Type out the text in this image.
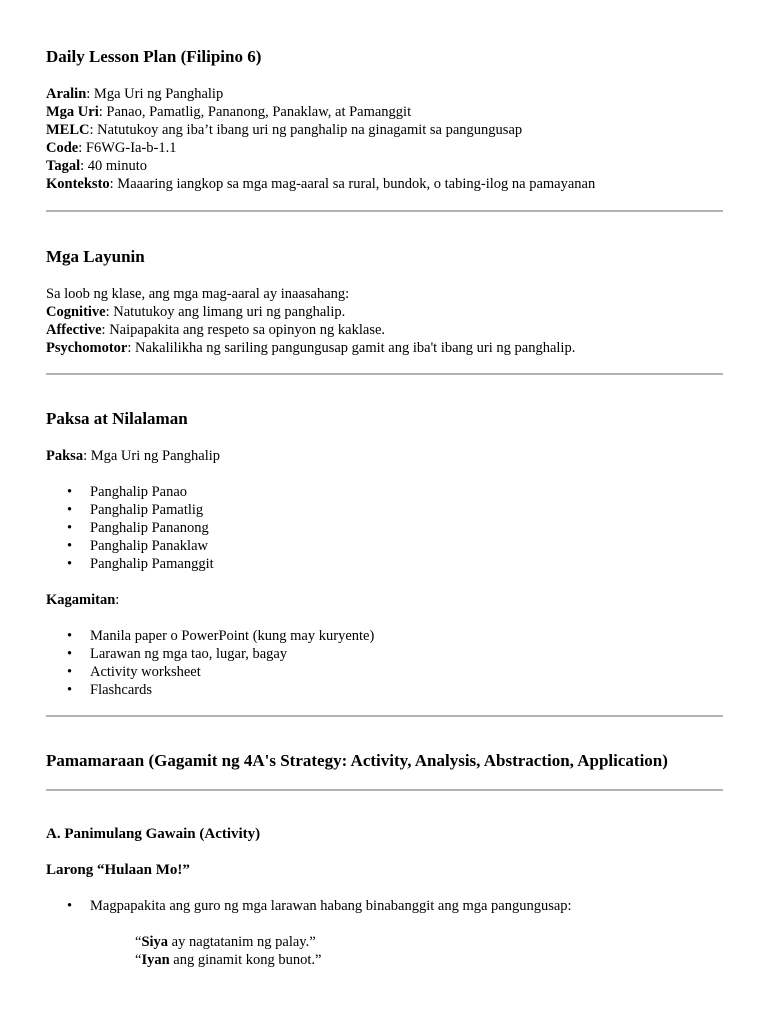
Daily Lesson Plan (Filipino 6)

Aralin: Mga Uri ng Panghalip

Mga Uri: Panao, Pamatlig, Pananong, Panaklaw, at Pamanggit

MELC: Natutukoy ang iba’t ibang uri ng panghalip na ginagamit sa pangungusap

Code: F6WG-Ia-b-1.1

Tagal: 40 minuto

Konteksto: Maaaring iangkop sa mga mag-aaral sa rural, bundok, o tabing-ilog na pamayanan

Mga Layunin

Sa loob ng klase, ang mga mag-aaral ay inaasahang:

Cognitive: Natutukoy ang limang uri ng panghalip.

Affective: Naipapakita ang respeto sa opinyon ng kaklase.

Psychomotor: Nakalilikha ng sariling pangungusap gamit ang iba't ibang uri ng panghalip.

Paksa at Nilalaman

Paksa: Mga Uri ng Panghalip

• Panghalip Panao
• Panghalip Pamatlig
• Panghalip Pananong
• Panghalip Panaklaw
• Panghalip Pamanggit

Kagamitan:

• Manila paper o PowerPoint (kung may kuryente)
• Larawan ng mga tao, lugar, bagay
• Activity worksheet
• Flashcards
Pamamaraan (Gagamit ng 4A's Strategy: Activity, Analysis, Abstraction, Application)
A. Panimulang Gawain (Activity)
Larong “Hulaan Mo!”
• Magpapakita ang guro ng mga larawan habang binabanggit ang mga pangungusap:

“Siya ay nagtatanim ng palay.”

“Iyan ang ginamit kong bunot.”
